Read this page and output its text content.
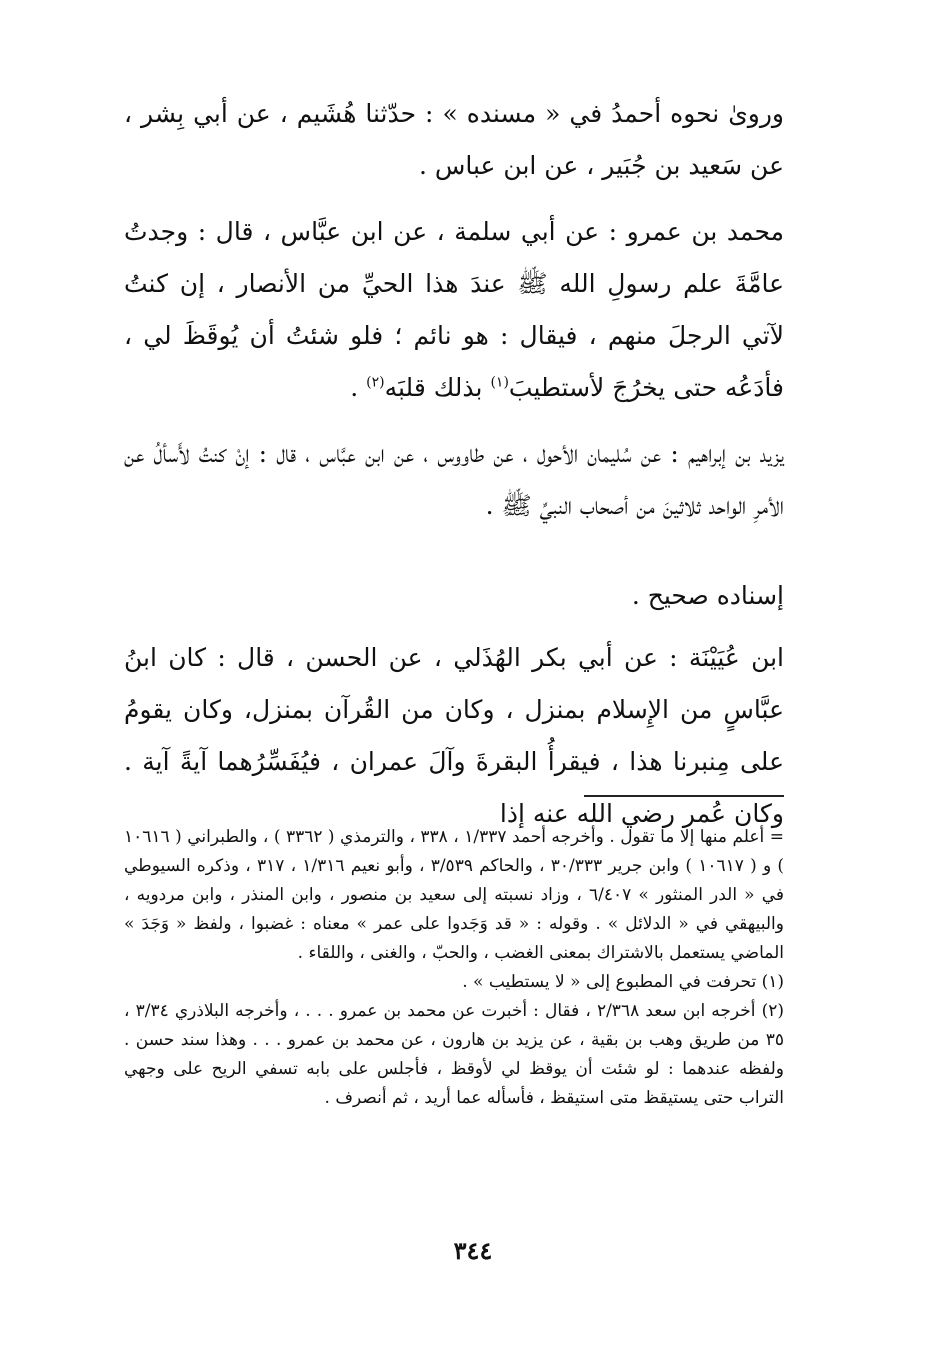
ورویٰ نحوه أحمدُ في « مسنده » : حدّثنا هُشَيم ، عن أبي بِشر ، عن سَعيد بن جُبَير ، عن ابن عباس .

محمد بن عمرو : عن أبي سلمة ، عن ابن عبَّاس ، قال : وجدتُ عامَّةَ علم رسولِ الله ﷺ عندَ هذا الحيِّ من الأنصار ، إن كنتُ لآتي الرجلَ منهم ، فيقال : هو نائم ؛ فلو شئتُ أن يُوقَظَ لي ، فأدَعُه حتى يخرُجَ لأستطيبَ$^{(١)}$ بذلك قلبَه$^{(٢)}$ .

يزيد بن إبراهيم : عن سُليمان الأحول ، عن طاووس ، عن ابن عبَّاس ، قال : إنْ كنتُ لأَسألُ عن الأمرِ الواحد ثلاثينَ من أصحاب النبيِّ ﷺ .

إسناده صحيح .

ابن عُيَيْنَة : عن أبي بكر الهُذَلي ، عن الحسن ، قال : كان ابنُ عبَّاسٍ من الإِسلام بمنزل ، وكان من القُرآن بمنزل، وكان يقومُ على مِنبرنا هذا ، فيقرأُ البقرةَ وآلَ عمران ، فيُفَسِّرُهما آيةً آية . وكان عُمر رضي الله عنه إذا

= أعلم منها إلا ما تقول . وأخرجه أحمد ١/٣٣٧ ، ٣٣٨ ، والترمذي ( ٣٣٦٢ ) ، والطبراني ( ١٠٦١٦ ) و ( ١٠٦١٧ ) وابن جرير ٣٠/٣٣٣ ، والحاكم ٣/٥٣٩ ، وأبو نعيم ١/٣١٦ ، ٣١٧ ، وذكره السيوطي في « الدر المنثور » ٦/٤٠٧ ، وزاد نسبته إلى سعيد بن منصور ، وابن المنذر ، وابن مردويه ، والبيهقي في « الدلائل » . وقوله : « قد وَجَدوا على عمر » معناه : غضبوا ، ولفظ « وَجَدَ » الماضي يستعمل بالاشتراك بمعنى الغضب ، والحبّ ، والغنى ، واللقاء .

(١) تحرفت في المطبوع إلى « لا يستطيب » .

(٢) أخرجه ابن سعد ٢/٣٦٨ ، فقال : أخبرت عن محمد بن عمرو . . . ، وأخرجه البلاذري ٣/٣٤ ، ٣٥ من طريق وهب بن بقية ، عن يزيد بن هارون ، عن محمد بن عمرو . . . وهذا سند حسن . ولفظه عندهما : لو شئت أن يوقظ لي لأوقظ ، فأجلس على بابه تسفي الريح على وجهي التراب حتى يستيقظ متى استيقظ ، فأسأله عما أريد ، ثم أنصرف .

٣٤٤
